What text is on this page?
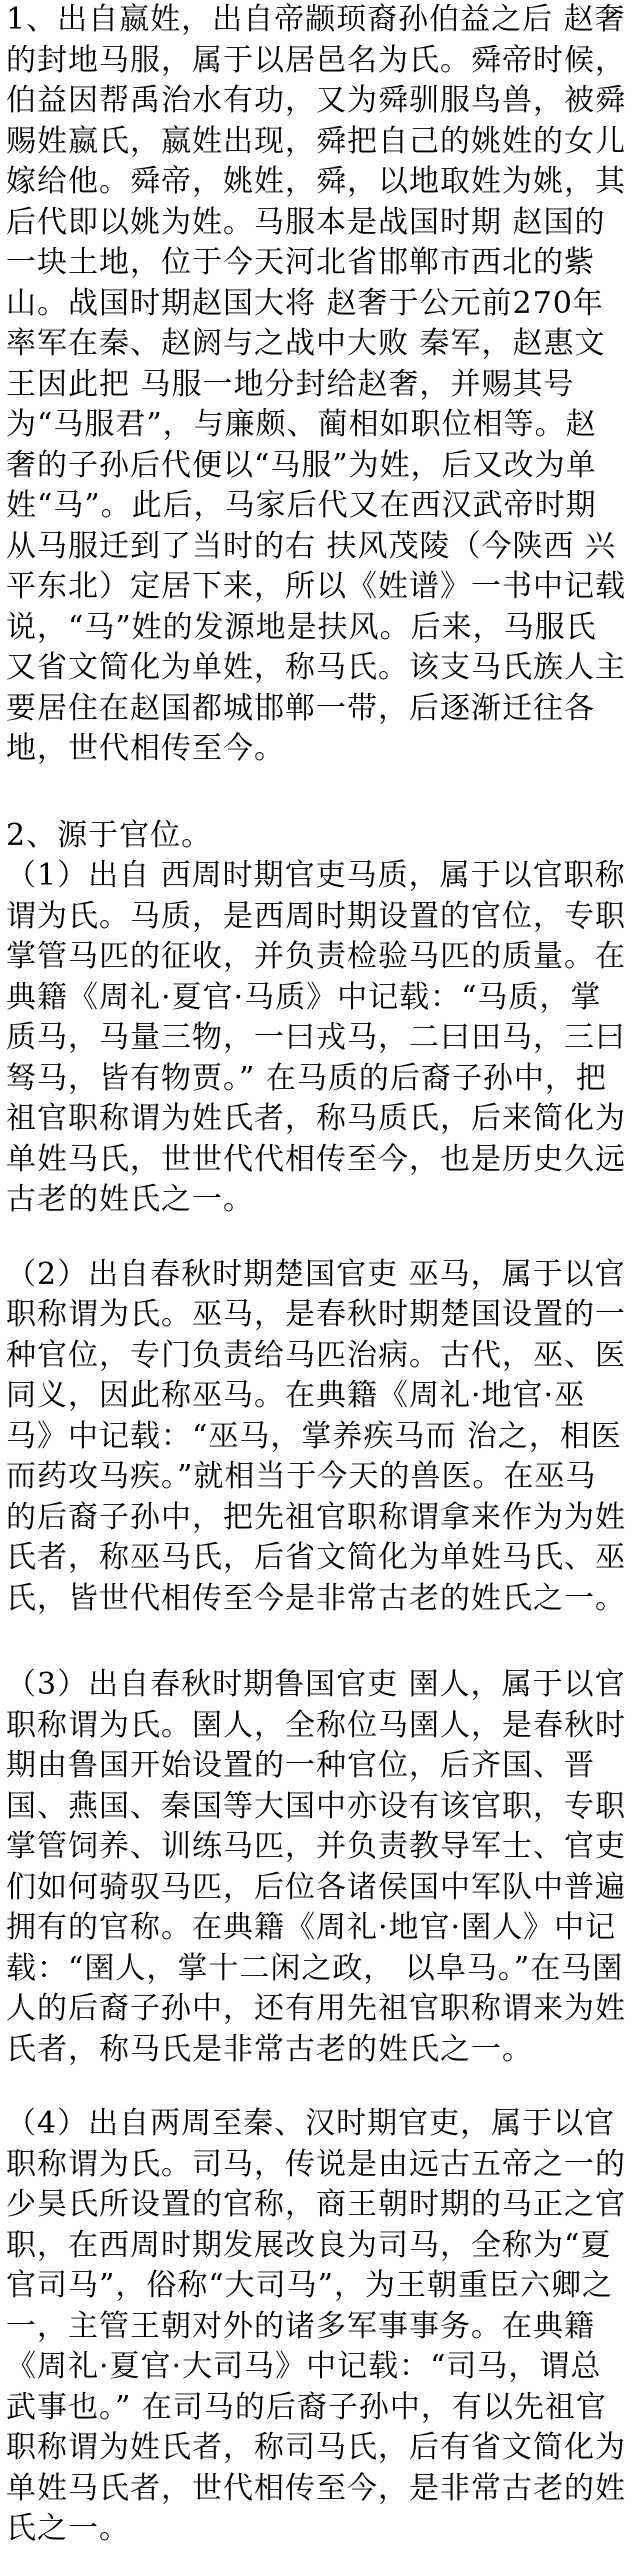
1、出自嬴姓，出自帝颛顼裔孙伯益之后 赵奢的封地马服，属于以居邑名为氏。舜帝时候，伯益因帮禹治水有功，又为舜驯服鸟兽，被舜赐姓嬴氏，嬴姓出现，舜把自己的姚姓的女儿嫁给他。舜帝，姚姓，舜，以地取姓为姚，其后代即以姚为姓。马服本是战国时期 赵国的一块土地，位于今天河北省邯郸市西北的紫山。战国时期赵国大将 赵奢于公元前270年率军在秦、赵阏与之战中大败 秦军，赵惠文王因此把 马服一地分封给赵奢，并赐其号为“马服君”，与廉颇、蔺相如职位相等。赵奢的子孙后代便以“马服”为姓，后又改为单姓“马”。此后，马家后代又在西汉武帝时期从马服迁到了当时的右 扶风茂陵（今陕西 兴平东北）定居下来，所以《姓谱》一书中记载说，“马”姓的发源地是扶风。后来，马服氏又省文简化为单姓，称马氏。该支马氏族人主要居住在赵国都城邯郸一带，后逐渐迁往各地，世代相传至今。

2、源于官位。

（1）出自 西周时期官吏马质，属于以官职称谓为氏。马质，是西周时期设置的官位，专职掌管马匹的征收，并负责检验马匹的质量。在典籍《周礼·夏官·马质》中记载：“马质，掌质马，马量三物，一曰戎马，二曰田马，三曰驽马，皆有物贾。” 在马质的后裔子孙中，把祖官职称谓为姓氏者，称马质氏，后来简化为单姓马氏，世世代代相传至今，也是历史久远古老的姓氏之一。

（2）出自春秋时期楚国官吏 巫马，属于以官职称谓为氏。巫马，是春秋时期楚国设置的一种官位，专门负责给马匹治病。古代，巫、医同义，因此称巫马。在典籍《周礼·地官·巫马》中记载：“巫马，掌养疾马而 治之，相医而药攻马疾。”就相当于今天的兽医。在巫马的后裔子孙中，把先祖官职称谓拿来作为为姓氏者，称巫马氏，后省文简化为单姓马氏、巫氏，皆世代相传至今是非常古老的姓氏之一。

（3）出自春秋时期鲁国官吏 圉人，属于以官职称谓为氏。圉人，全称位马圉人，是春秋时期由鲁国开始设置的一种官位，后齐国、晋国、燕国、秦国等大国中亦设有该官职，专职掌管饲养、训练马匹，并负责教导军士、官吏们如何骑驭马匹，后位各诸侯国中军队中普遍拥有的官称。在典籍《周礼·地官·圉人》中记载：“圉人，掌十二闲之政， 以阜马。”在马圉人的后裔子孙中，还有用先祖官职称谓来为姓氏者，称马氏是非常古老的姓氏之一。

（4）出自两周至秦、汉时期官吏，属于以官职称谓为氏。司马，传说是由远古五帝之一的少昊氏所设置的官称，商王朝时期的马正之官职，在西周时期发展改良为司马，全称为“夏官司马”，俗称“大司马”，为王朝重臣六卿之一，主管王朝对外的诸多军事事务。在典籍《周礼·夏官·大司马》中记载：“司马，谓总武事也。” 在司马的后裔子孙中，有以先祖官职称谓为姓氏者，称司马氏，后有省文简化为单姓马氏者，世代相传至今，是非常古老的姓氏之一。
